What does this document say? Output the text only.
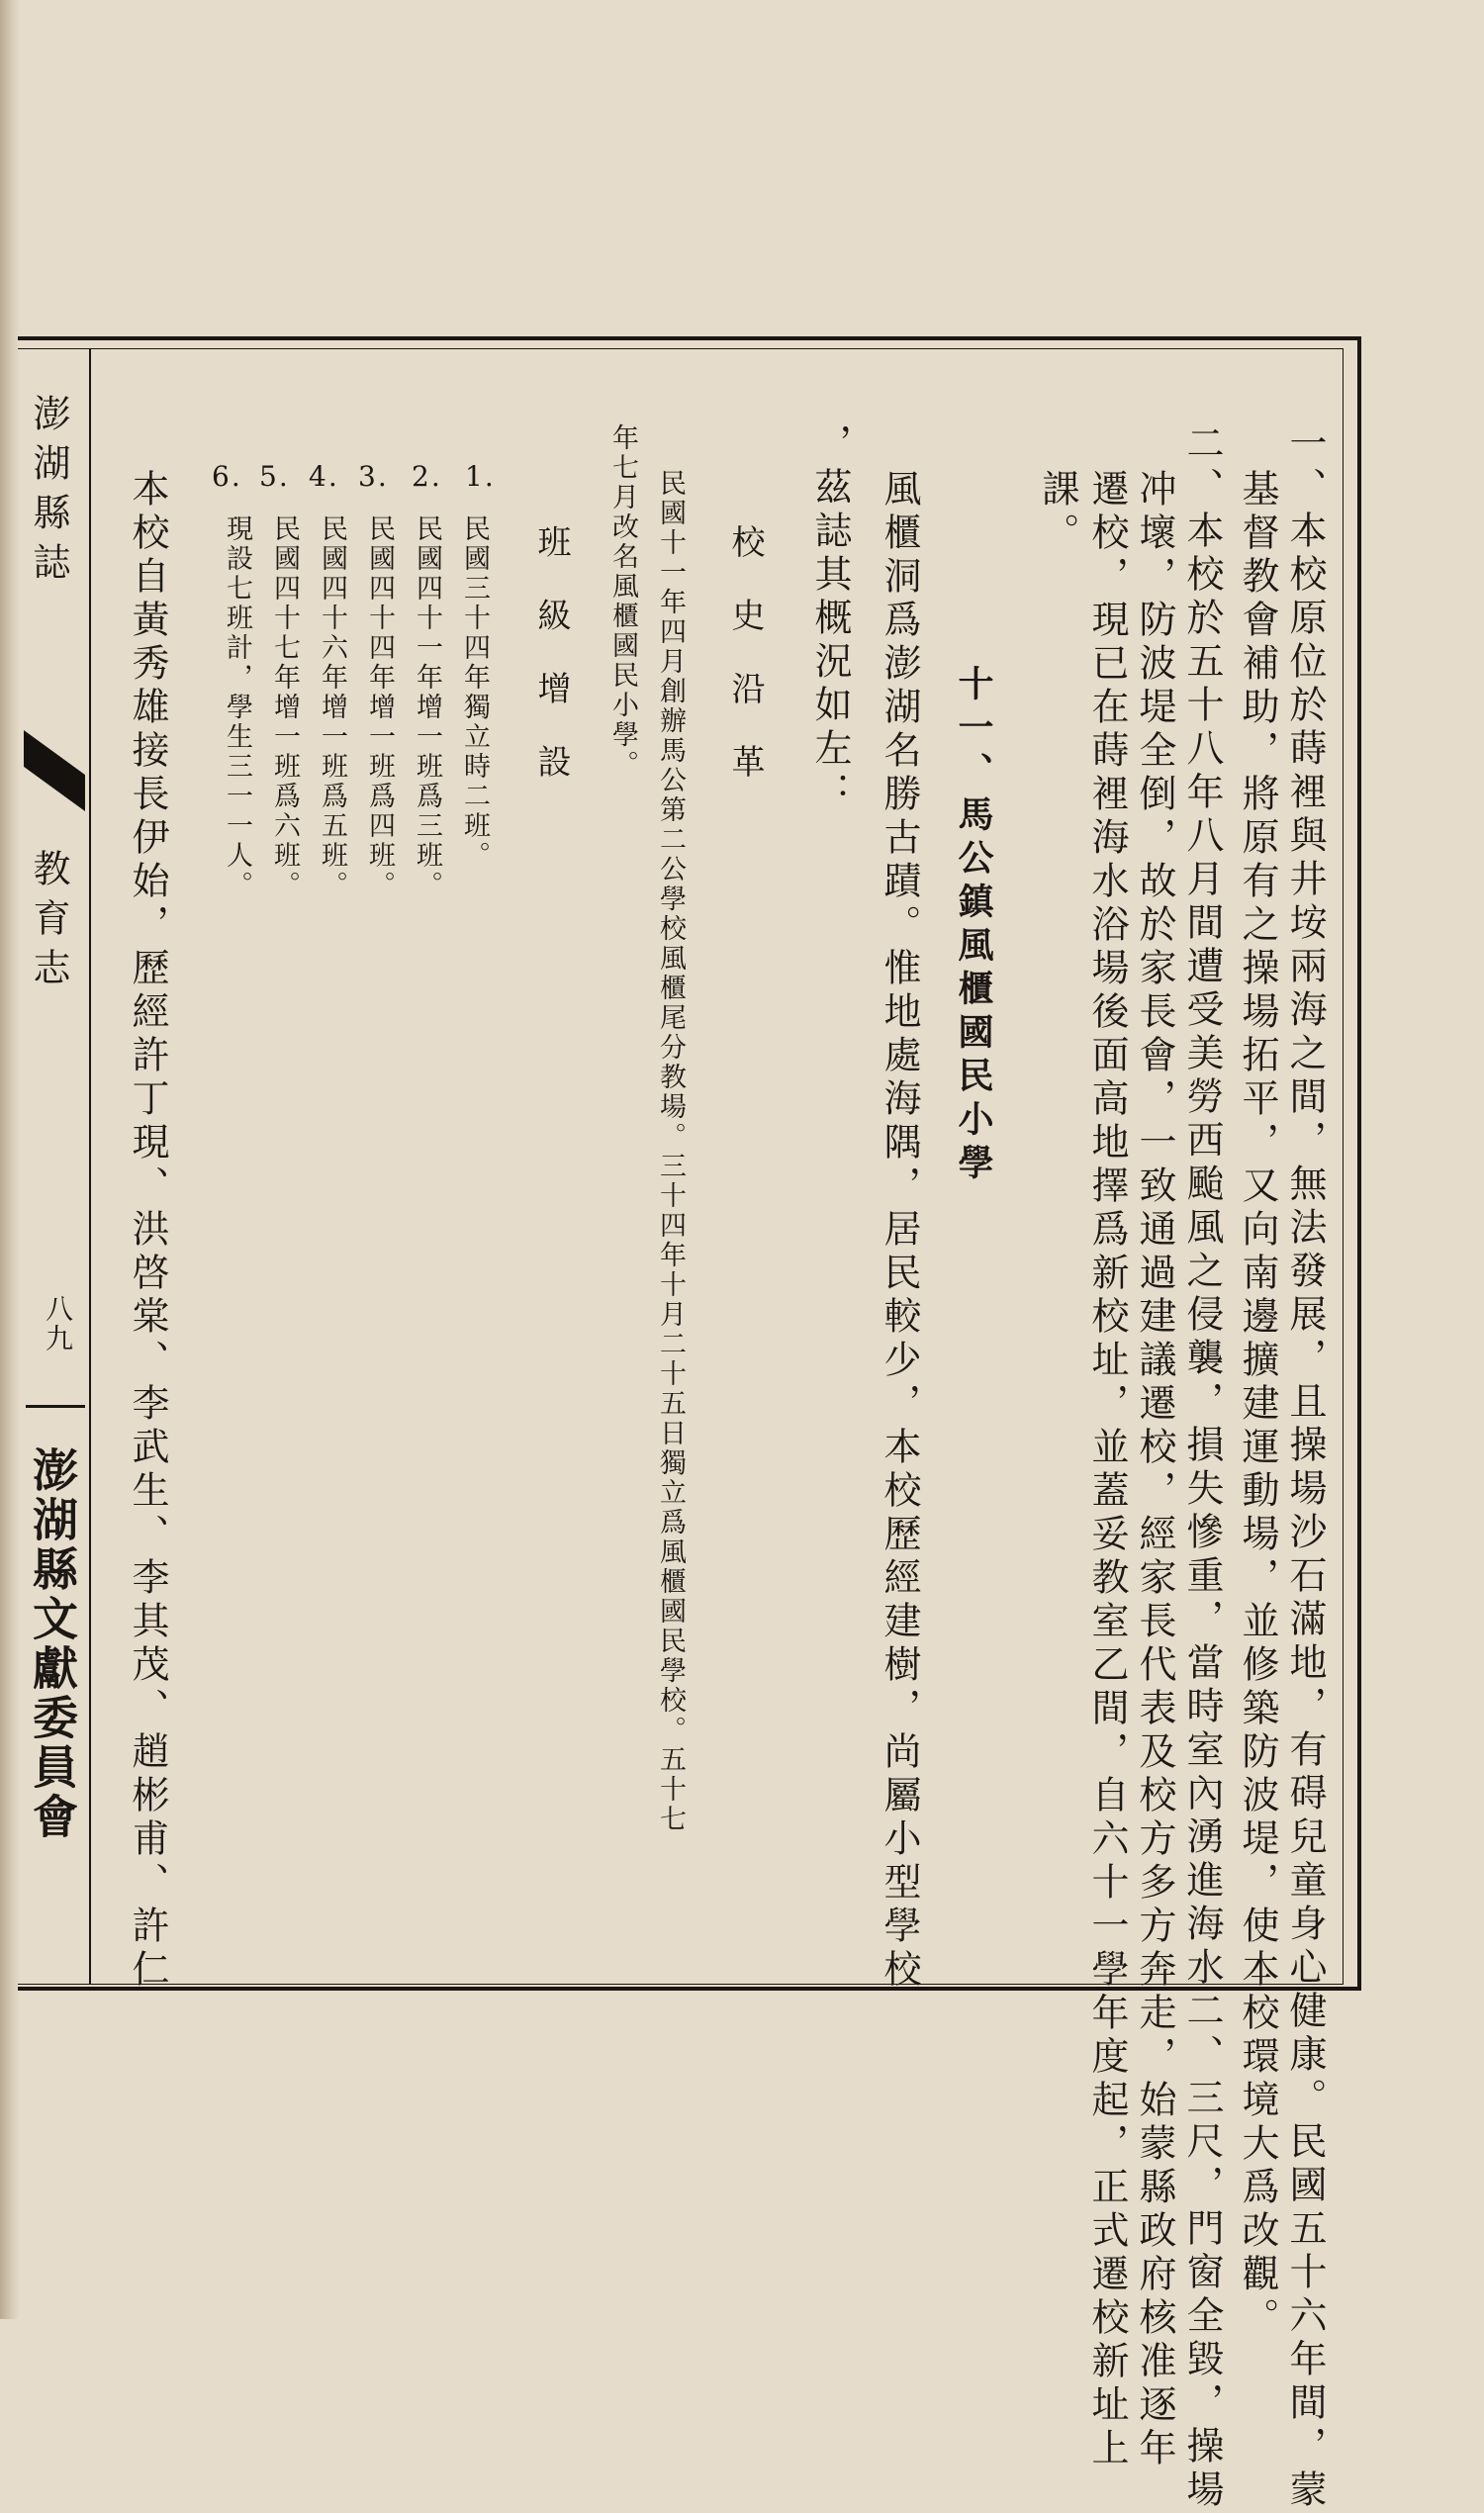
澎湖縣誌
教育志
八九
澎湖縣文獻委員會	一、本校原位於蒔裡與井垵兩海之間，無法發展，且操場沙石滿地，有碍兒童身心健康。民國五十六年間，蒙
基督教會補助，將原有之操場拓平，又向南邊擴建運動場，並修築防波堤，使本校環境大爲改觀。
二、本校於五十八年八月間遭受美勞西颱風之侵襲，損失慘重，當時室內湧進海水二、三尺，門窗全毀，操場
冲壞，防波堤全倒，故於家長會，一致通過建議遷校，經家長代表及校方多方奔走，始蒙縣政府核准逐年
遷校，現已在蒔裡海水浴場後面高地擇爲新校址，並蓋妥教室乙間，自六十一學年度起，正式遷校新址上
課。
十一、馬公鎮風櫃國民小學
風櫃洞爲澎湖名勝古蹟。惟地處海隅，居民較少，本校歷經建樹，尚屬小型學校
，茲誌其概況如左：
校史沿革
民國十一年四月創辦馬公第二公學校風櫃尾分教場。三十四年十月二十五日獨立爲風櫃國民學校。五十七
年七月改名風櫃國民小學。
班級增設
1.
民國三十四年獨立時二班。
2.
民國四十一年增一班爲三班。
3.
民國四十四年增一班爲四班。
4.
民國四十六年增一班爲五班。
5.
民國四十七年增一班爲六班。
6.
現設七班計，學生三一一人。
本校自黃秀雄接長伊始，歷經許丁現、洪啓棠、李武生、李其茂、趙彬甫、許仁
